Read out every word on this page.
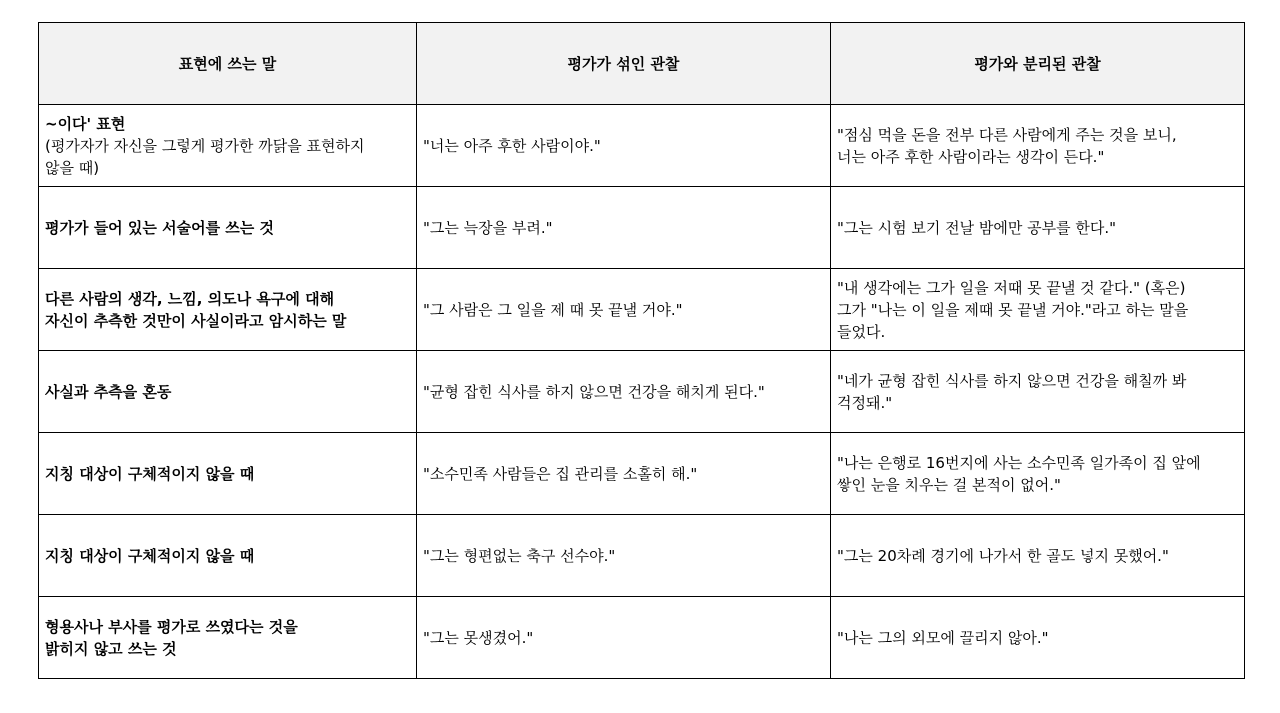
표현에 쓰는 말	평가가 섞인 관찰	평가와 분리된 관찰

~이다' 표현
(평가자가 자신을 그렇게 평가한 까닭을 표현하지
않을 때)	"너는 아주 후한 사람이야."	"점심 먹을 돈을 전부 다른 사람에게 주는 것을 보니,
너는 아주 후한 사람이라는 생각이 든다."

평가가 들어 있는 서술어를 쓰는 것	"그는 늑장을 부려."	"그는 시험 보기 전날 밤에만 공부를 한다."

다른 사람의 생각, 느낌, 의도나 욕구에 대해
자신이 추측한 것만이 사실이라고 암시하는 말	"그 사람은 그 일을 제 때 못 끝낼 거야."	"내 생각에는 그가 일을 저때 못 끝낼 것 같다." (혹은)
그가 "나는 이 일을 제때 못 끝낼 거야."라고 하는 말을
들었다.

사실과 추측을 혼동	"균형 잡힌 식사를 하지 않으면 건강을 해치게 된다."	"네가 균형 잡힌 식사를 하지 않으면 건강을 해칠까 봐
걱정돼."

지칭 대상이 구체적이지 않을 때	"소수민족 사람들은 집 관리를 소홀히 해."	"나는 은행로 16번지에 사는 소수민족 일가족이 집 앞에
쌓인 눈을 치우는 걸 본적이 없어."

지칭 대상이 구체적이지 않을 때	"그는 형편없는 축구 선수야."	"그는 20차례 경기에 나가서 한 골도 넣지 못했어."

형용사나 부사를 평가로 쓰였다는 것을
밝히지 않고 쓰는 것	"그는 못생겼어."	"나는 그의 외모에 끌리지 않아."
